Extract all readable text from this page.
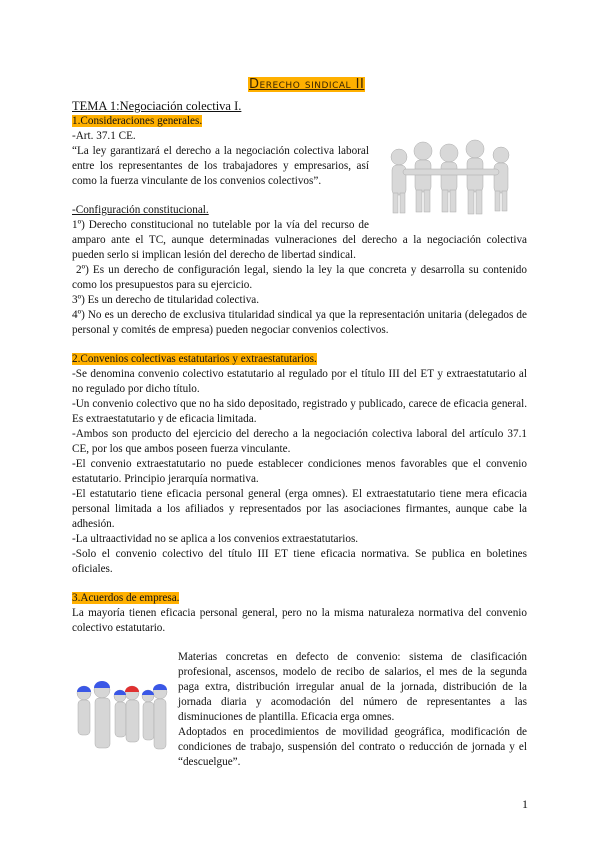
Derecho sindical II
TEMA 1:Negociación colectiva I.
1.Consideraciones generales.
-Art. 37.1 CE.
“La ley garantizará el derecho a la negociación colectiva laboral entre los representantes de los trabajadores y empresarios, así como la fuerza vinculante de los convenios colectivos”.
-Configuración constitucional.
1º) Derecho constitucional no tutelable por la vía del recurso de amparo ante el TC, aunque determinadas vulneraciones del derecho a la negociación colectiva pueden serlo si implican lesión del derecho de libertad sindical.
2º) Es un derecho de configuración legal, siendo la ley la que concreta y desarrolla su contenido como los presupuestos para su ejercicio.
3º) Es un derecho de titularidad colectiva.
4º) No es un derecho de exclusiva titularidad sindical ya que la representación unitaria (delegados de personal y comités de empresa) pueden negociar convenios colectivos.
2.Convenios colectivas estatutarios y extraestatutarios.
-Se denomina convenio colectivo estatutario al regulado por el título III del ET y extraestatutario al no regulado por dicho título.
-Un convenio colectivo que no ha sido depositado, registrado y publicado, carece de eficacia general. Es extraestatutario y de eficacia limitada.
-Ambos son producto del ejercicio del derecho a la negociación colectiva laboral del artículo 37.1 CE, por los que ambos poseen fuerza vinculante.
-El convenio extraestatutario no puede establecer condiciones menos favorables que el convenio estatutario. Principio jerarquía normativa.
-El estatutario tiene eficacia personal general (erga omnes). El extraestatutario tiene mera eficacia personal limitada a los afiliados y representados por las asociaciones firmantes, aunque cabe la adhesión.
-La ultraactividad no se aplica a los convenios extraestatutarios.
-Solo el convenio colectivo del título III ET tiene eficacia normativa. Se publica en boletines oficiales.
3.Acuerdos de empresa.
La mayoría tienen eficacia personal general, pero no la misma naturaleza normativa del convenio colectivo estatutario.
Materias concretas en defecto de convenio: sistema de clasificación profesional, ascensos, modelo de recibo de salarios, el mes de la segunda paga extra, distribución irregular anual de la jornada, distribución de la jornada diaria y acomodación del número de representantes a las disminuciones de plantilla. Eficacia erga omnes.
Adoptados en procedimientos de movilidad geográfica, modificación de condiciones de trabajo, suspensión del contrato o reducción de jornada y el “descuelgue”.
1
